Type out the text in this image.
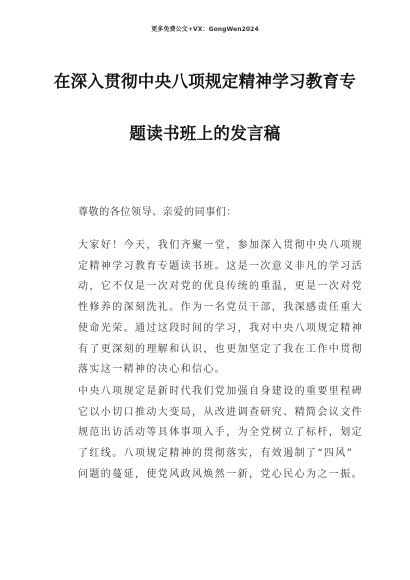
更多免费公文+VX：GongWen2024
在深入贯彻中央八项规定精神学习教育专
题读书班上的发言稿
尊敬的各位领导、亲爱的同事们：
大家好！今天，我们齐聚一堂，参加深入贯彻中央八项规
定精神学习教育专题读书班。这是一次意义非凡的学习活
动，它不仅是一次对党的优良传统的重温，更是一次对党
性修养的深刻洗礼。作为一名党员干部，我深感责任重大
使命光荣。通过这段时间的学习，我对中央八项规定精神
有了更深刻的理解和认识，也更加坚定了我在工作中贯彻
落实这一精神的决心和信心。
中央八项规定是新时代我们党加强自身建设的重要里程碑
它以小切口推动大变局，从改进调查研究、精简会议文件
规范出访活动等具体事项入手，为全党树立了标杆，划定
了红线。八项规定精神的贯彻落实，有效遏制了“四风”
问题的蔓延，使党风政风焕然一新，党心民心为之一振。
